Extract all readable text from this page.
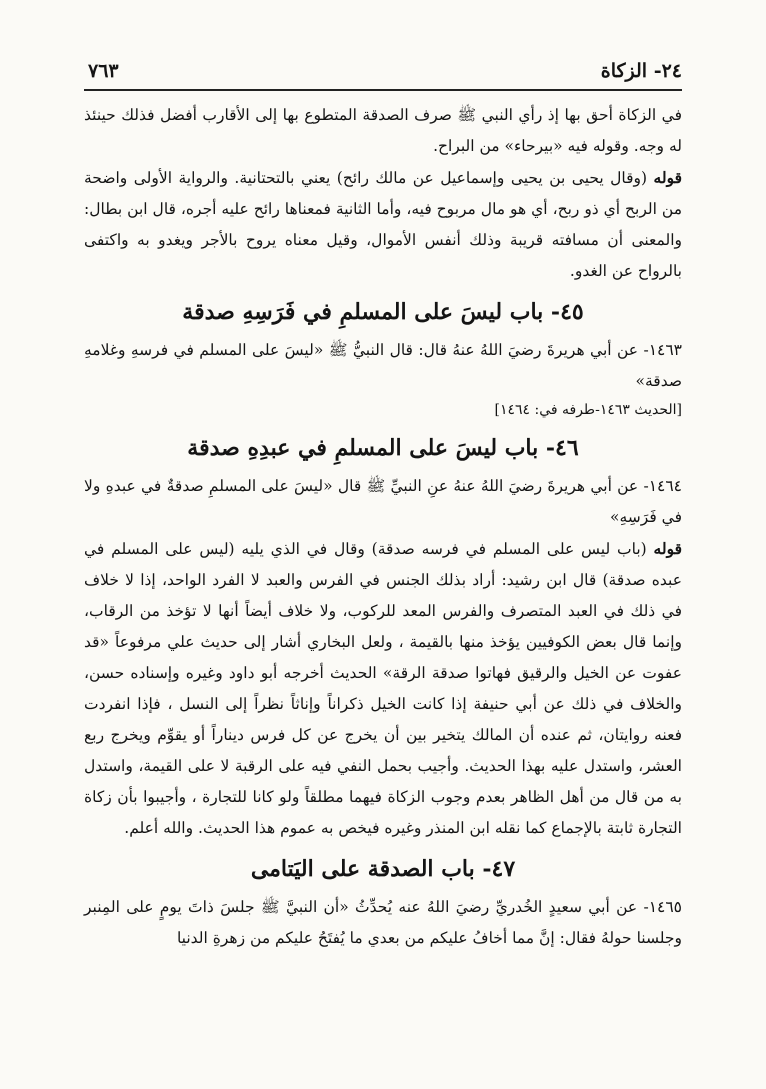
٢٤- الزكاة
٧٦٣

في الزكاة أحق بها إذ رأي النبي ﷺ صرف الصدقة المتطوع بها إلى الأقارب أفضل فذلك حينئذ له وجه. وقوله فيه «بيرحاء» من البراح.

قوله (وقال يحيى بن يحيى وإسماعيل عن مالك رائح) يعني بالتحتانية. والرواية الأولى واضحة من الربح أي ذو ربح، أي هو مال مربوح فيه، وأما الثانية فمعناها رائح عليه أجره، قال ابن بطال: والمعنى أن مسافته قريبة وذلك أنفس الأموال، وقيل معناه يروح بالأجر ويغدو به واكتفى بالرواح عن الغدو.

٤٥- باب ليسَ على المسلمِ في فَرَسِهِ صدقة

١٤٦٣- عن أبي هريرةَ رضيَ اللهُ عنهُ قال: قال النبيُّ ﷺ «ليسَ على المسلم في فرسهِ وغلامهِ صدقة»

[الحديث ١٤٦٣-طرفه في: ١٤٦٤]

٤٦- باب ليسَ على المسلمِ في عبدِهِ صدقة

١٤٦٤- عن أبي هريرةَ رضيَ اللهُ عنهُ عنِ النبيِّ ﷺ قال «ليسَ على المسلمِ صدقةٌ في عبدهِ ولا في فَرَسِهِ»

قوله (باب ليس على المسلم في فرسه صدقة) وقال في الذي يليه (ليس على المسلم في عبده صدقة) قال ابن رشيد: أراد بذلك الجنس في الفرس والعبد لا الفرد الواحد، إذا لا خلاف في ذلك في العبد المتصرف والفرس المعد للركوب، ولا خلاف أيضاً أنها لا تؤخذ من الرقاب، وإنما قال بعض الكوفيين يؤخذ منها بالقيمة ، ولعل البخاري أشار إلى حديث علي مرفوعاً «قد عفوت عن الخيل والرقيق فهاتوا صدقة الرقة» الحديث أخرجه أبو داود وغيره وإسناده حسن، والخلاف في ذلك عن أبي حنيفة إذا كانت الخيل ذكراناً وإناثاً نظراً إلى النسل ، فإذا انفردت فعنه روايتان، ثم عنده أن المالك يتخير بين أن يخرج عن كل فرس ديناراً أو يقوِّم ويخرج ربع العشر، واستدل عليه بهذا الحديث. وأجيب بحمل النفي فيه على الرقبة لا على القيمة، واستدل به من قال من أهل الظاهر بعدم وجوب الزكاة فيهما مطلقاً ولو كانا للتجارة ، وأجيبوا بأن زكاة التجارة ثابتة بالإجماع كما نقله ابن المنذر وغيره فيخص به عموم هذا الحديث. والله أعلم.

٤٧- باب الصدقة على اليَتامى

١٤٦٥- عن أبي سعيدٍ الخُدريِّ رضيَ اللهُ عنه يُحدِّثُ «أن النبيَّ ﷺ جلسَ ذاتَ يومٍ على المِنبر وجلسنا حولهُ فقال: إنَّ مما أخافُ عليكم من بعدي ما يُفتَحُ عليكم من زهرةِ الدنيا
